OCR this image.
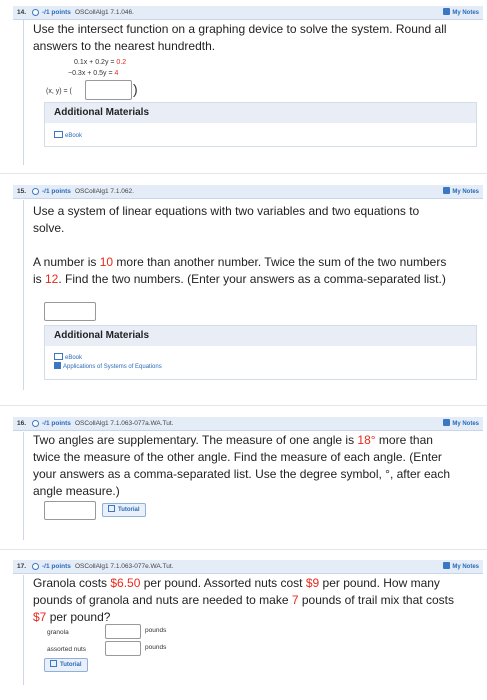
14. -/1 points OSCollAlg1 7.1.046.	My Notes
Use the intersect function on a graphing device to solve the system. Round all answers to the nearest hundredth.
0.1x + 0.2y = 0.2
−0.3x + 0.5y = 4
(x, y) = (	)
Additional Materials
eBook
15. -/1 points OSCollAlg1 7.1.062.	My Notes
Use a system of linear equations with two variables and two equations to solve.
A number is 10 more than another number. Twice the sum of the two numbers is 12. Find the two numbers. (Enter your answers as a comma-separated list.)
Additional Materials
eBook
Applications of Systems of Equations
16. -/1 points OSCollAlg1 7.1.063-077a.WA.Tut.	My Notes
Two angles are supplementary. The measure of one angle is 18° more than twice the measure of the other angle. Find the measure of each angle. (Enter your answers as a comma-separated list. Use the degree symbol, °, after each angle measure.)
Tutorial
17. -/1 points OSCollAlg1 7.1.063-077e.WA.Tut.	My Notes
Granola costs $6.50 per pound. Assorted nuts cost $9 per pound. How many pounds of granola and nuts are needed to make 7 pounds of trail mix that costs $7 per pound?
granola	pounds
assorted nuts	pounds
Tutorial
